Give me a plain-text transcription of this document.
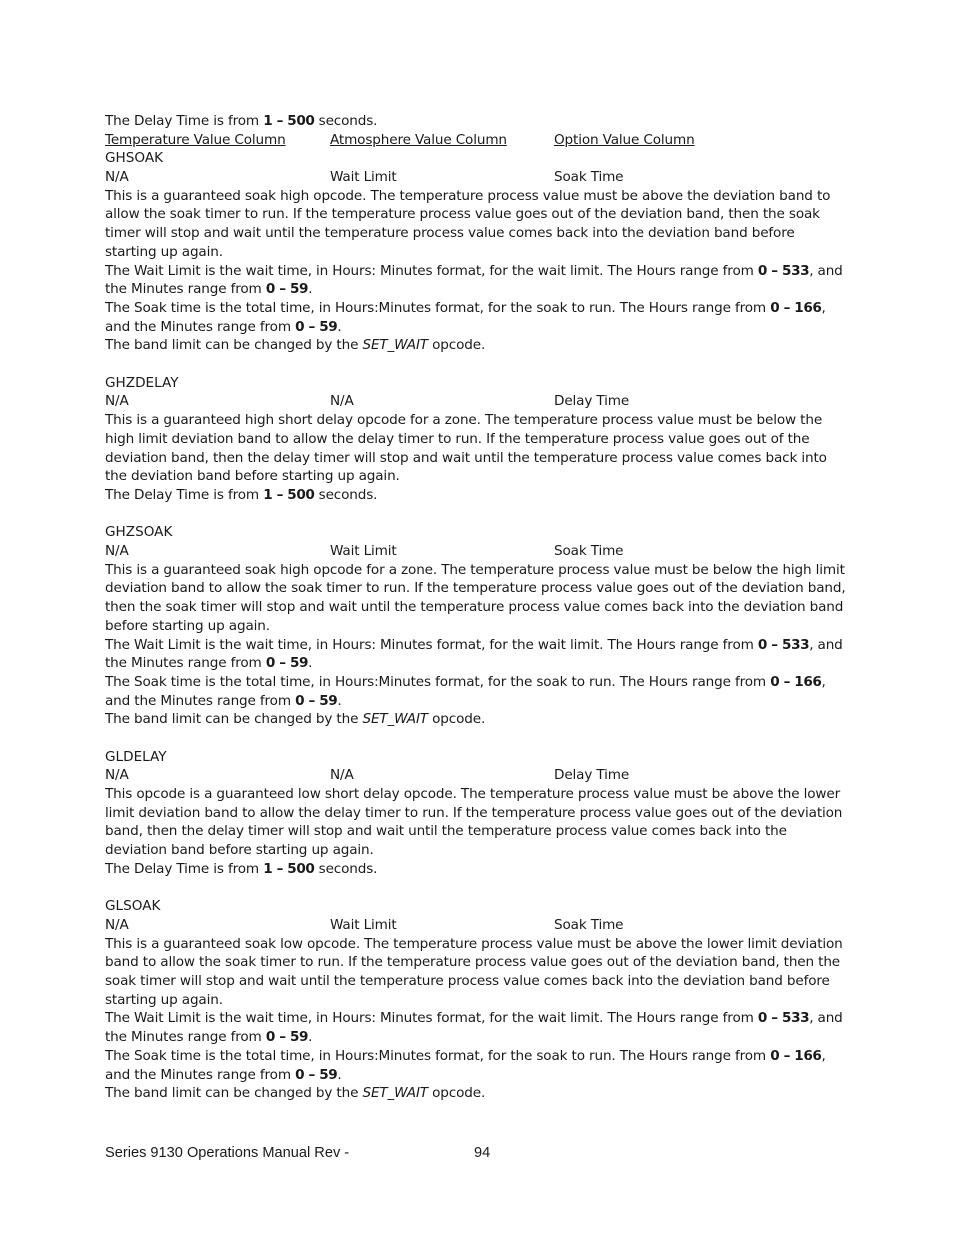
The Delay Time is from 1 – 500 seconds.
Temperature Value Column	Atmosphere Value Column	Option Value Column
GHSOAK
N/A	Wait Limit	Soak Time
This is a guaranteed soak high opcode. The temperature process value must be above the deviation band to allow the soak timer to run. If the temperature process value goes out of the deviation band, then the soak timer will stop and wait until the temperature process value comes back into the deviation band before starting up again.
The Wait Limit is the wait time, in Hours: Minutes format, for the wait limit. The Hours range from 0 – 533, and the Minutes range from 0 – 59.
The Soak time is the total time, in Hours:Minutes format, for the soak to run. The Hours range from 0 – 166, and the Minutes range from 0 – 59.
The band limit can be changed by the SET_WAIT opcode.
GHZDELAY
N/A	N/A	Delay Time
This is a guaranteed high short delay opcode for a zone. The temperature process value must be below the high limit deviation band to allow the delay timer to run. If the temperature process value goes out of the deviation band, then the delay timer will stop and wait until the temperature process value comes back into the deviation band before starting up again.
The Delay Time is from 1 – 500 seconds.
GHZSOAK
N/A	Wait Limit	Soak Time
This is a guaranteed soak high opcode for a zone. The temperature process value must be below the high limit deviation band to allow the soak timer to run. If the temperature process value goes out of the deviation band, then the soak timer will stop and wait until the temperature process value comes back into the deviation band before starting up again.
The Wait Limit is the wait time, in Hours: Minutes format, for the wait limit. The Hours range from 0 – 533, and the Minutes range from 0 – 59.
The Soak time is the total time, in Hours:Minutes format, for the soak to run. The Hours range from 0 – 166, and the Minutes range from 0 – 59.
The band limit can be changed by the SET_WAIT opcode.
GLDELAY
N/A	N/A	Delay Time
This opcode is a guaranteed low short delay opcode. The temperature process value must be above the lower limit deviation band to allow the delay timer to run. If the temperature process value goes out of the deviation band, then the delay timer will stop and wait until the temperature process value comes back into the deviation band before starting up again.
The Delay Time is from 1 – 500 seconds.
GLSOAK
N/A	Wait Limit	Soak Time
This is a guaranteed soak low opcode. The temperature process value must be above the lower limit deviation band to allow the soak timer to run. If the temperature process value goes out of the deviation band, then the soak timer will stop and wait until the temperature process value comes back into the deviation band before starting up again.
The Wait Limit is the wait time, in Hours: Minutes format, for the wait limit. The Hours range from 0 – 533, and the Minutes range from 0 – 59.
The Soak time is the total time, in Hours:Minutes format, for the soak to run. The Hours range from 0 – 166, and the Minutes range from 0 – 59.
The band limit can be changed by the SET_WAIT opcode.
Series 9130 Operations Manual Rev -	94
